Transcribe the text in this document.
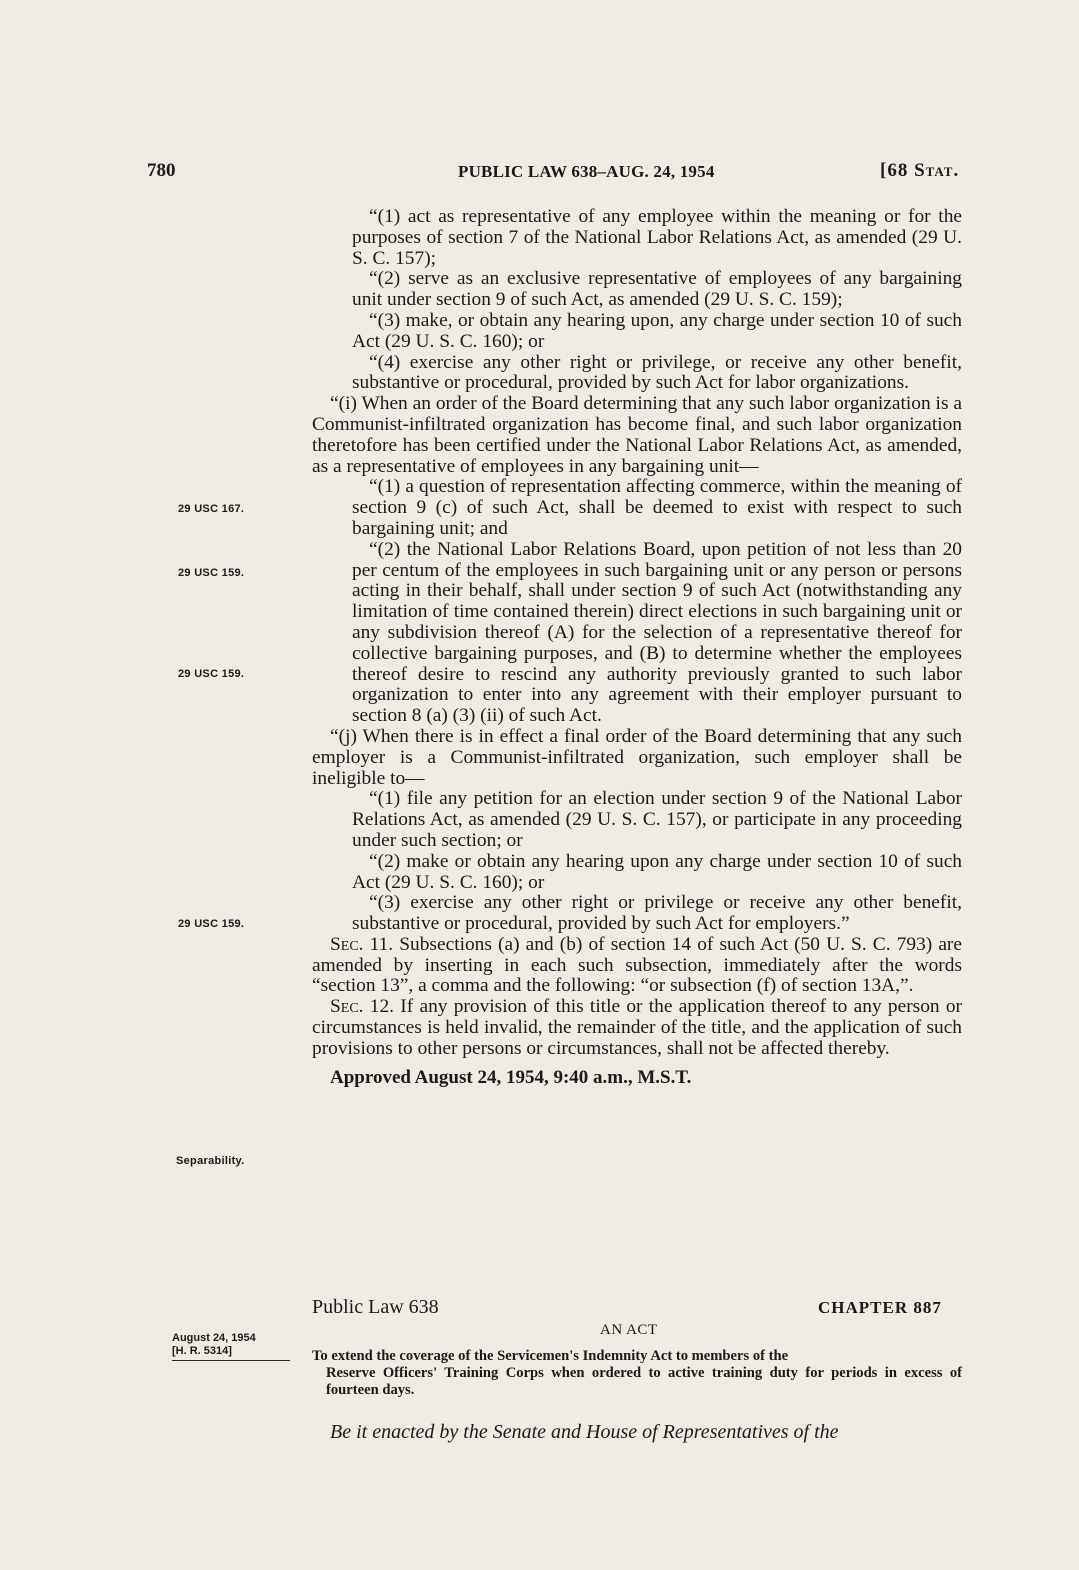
780	PUBLIC LAW 638–AUG. 24, 1954	[68 Stat.
29 USC 167.
29 USC 159.
29 USC 159.
29 USC 159.
Separability.

“(1) act as representative of any employee within the meaning or for the purposes of section 7 of the National Labor Relations Act, as amended (29 U. S. C. 157);

“(2) serve as an exclusive representative of employees of any bargaining unit under section 9 of such Act, as amended (29 U. S. C. 159);

“(3) make, or obtain any hearing upon, any charge under section 10 of such Act (29 U. S. C. 160); or

“(4) exercise any other right or privilege, or receive any other benefit, substantive or procedural, provided by such Act for labor organizations.

“(i) When an order of the Board determining that any such labor organization is a Communist-infiltrated organization has become final, and such labor organization theretofore has been certified under the National Labor Relations Act, as amended, as a representative of employees in any bargaining unit—

“(1) a question of representation affecting commerce, within the meaning of section 9 (c) of such Act, shall be deemed to exist with respect to such bargaining unit; and

“(2) the National Labor Relations Board, upon petition of not less than 20 per centum of the employees in such bargaining unit or any person or persons acting in their behalf, shall under section 9 of such Act (notwithstanding any limitation of time contained therein) direct elections in such bargaining unit or any subdivision thereof (A) for the selection of a representative thereof for collective bargaining purposes, and (B) to determine whether the employees thereof desire to rescind any authority previously granted to such labor organization to enter into any agreement with their employer pursuant to section 8 (a) (3) (ii) of such Act.

“(j) When there is in effect a final order of the Board determining that any such employer is a Communist-infiltrated organization, such employer shall be ineligible to—

“(1) file any petition for an election under section 9 of the National Labor Relations Act, as amended (29 U. S. C. 157), or participate in any proceeding under such section; or

“(2) make or obtain any hearing upon any charge under section 10 of such Act (29 U. S. C. 160); or

“(3) exercise any other right or privilege or receive any other benefit, substantive or procedural, provided by such Act for employers.”

Sec. 11. Subsections (a) and (b) of section 14 of such Act (50 U. S. C. 793) are amended by inserting in each such subsection, immediately after the words “section 13”, a comma and the following: “or subsection (f) of section 13A,”.

Sec. 12. If any provision of this title or the application thereof to any person or circumstances is held invalid, the remainder of the title, and the application of such provisions to other persons or circumstances, shall not be affected thereby.

Approved August 24, 1954, 9:40 a.m., M.S.T.

Public Law 638	CHAPTER 887
AN ACT
August 24, 1954

[H. R. 5314]	To extend the coverage of the Servicemen's Indemnity Act to members of the
Reserve Officers' Training Corps when ordered to active training duty for periods in excess of fourteen days.
Be it enacted by the Senate and House of Representatives of the
